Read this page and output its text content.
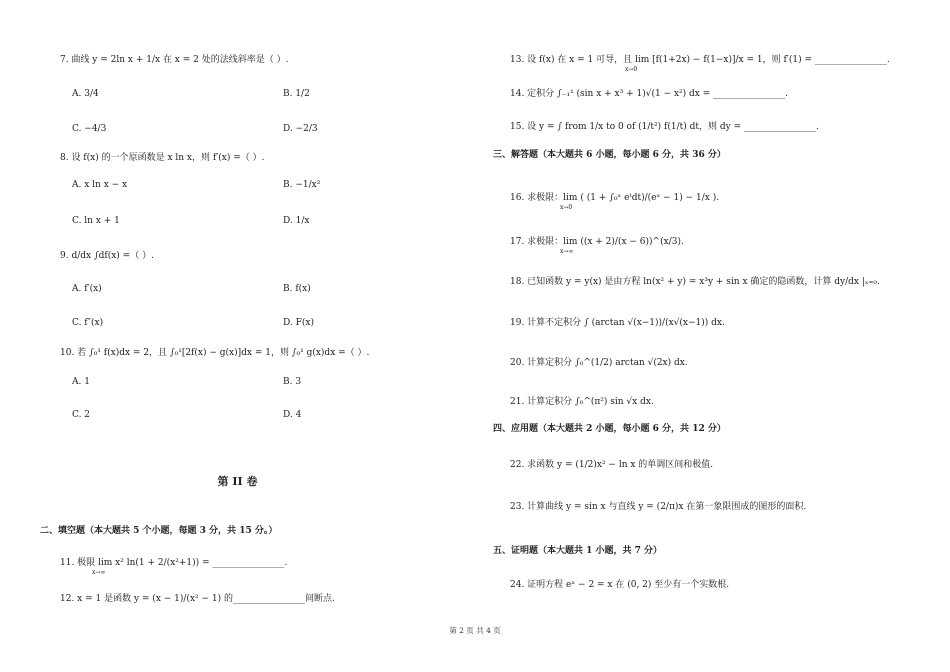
7. 曲线 y = 2ln x + 1/x 在 x = 2 处的法线斜率是（ ）.
A. 3/4	B. 1/2
C. −4/3	D. −2/3
8. 设 f(x) 的一个原函数是 x ln x，则 f′(x) =（ ）.
A. x ln x − x	B. −1/x²
C. ln x + 1	D. 1/x
9. d/dx ∫df(x) =（ ）.
A. f′(x)	B. f(x)
C. f″(x)	D. F(x)
10. 若 ∫₀¹ f(x)dx = 2，且 ∫₀¹[2f(x) − g(x)]dx = 1，则 ∫₀¹ g(x)dx =（ ）.
A. 1	B. 3
C. 2	D. 4
第 II 卷
二、填空题（本大题共 5 个小题，每题 3 分，共 15 分。）
11. 极限 lim x² ln(1 + 2/(x²+1)) = ________________.
x→∞
12. x = 1 是函数 y = (x − 1)/(x² − 1) 的________________间断点.
13. 设 f(x) 在 x = 1 可导，且 lim [f(1+2x) − f(1−x)]/x = 1，则 f′(1) = ________________.
x→0
14. 定积分 ∫₋₁¹ (sin x + x³ + 1)√(1 − x²) dx = ________________.
15. 设 y = ∫ from 1/x to 0 of (1/t²) f(1/t) dt，则 dy = ________________.
三、解答题（本大题共 6 小题，每小题 6 分，共 36 分）
16. 求极限：lim ( (1 + ∫₀ˣ eᵗdt)/(eˣ − 1) − 1/x ).
x→0
17. 求极限：lim ((x + 2)/(x − 6))^(x/3).
x→∞
18. 已知函数 y = y(x) 是由方程 ln(x² + y) = x³y + sin x 确定的隐函数，计算 dy/dx |ₓ₌₀.
19. 计算不定积分 ∫ (arctan √(x−1))/(x√(x−1)) dx.
20. 计算定积分 ∫₀^(1/2) arctan √(2x) dx.
21. 计算定积分 ∫₀^(π²) sin √x dx.
四、应用题（本大题共 2 小题，每小题 6 分，共 12 分）
22. 求函数 y = (1/2)x² − ln x 的单调区间和极值.
23. 计算曲线 y = sin x 与直线 y = (2/π)x 在第一象限围成的图形的面积.
五、证明题（本大题共 1 小题，共 7 分）
24. 证明方程 eˣ − 2 = x 在 (0, 2) 至少有一个实数根.
第 2 页 共 4 页
